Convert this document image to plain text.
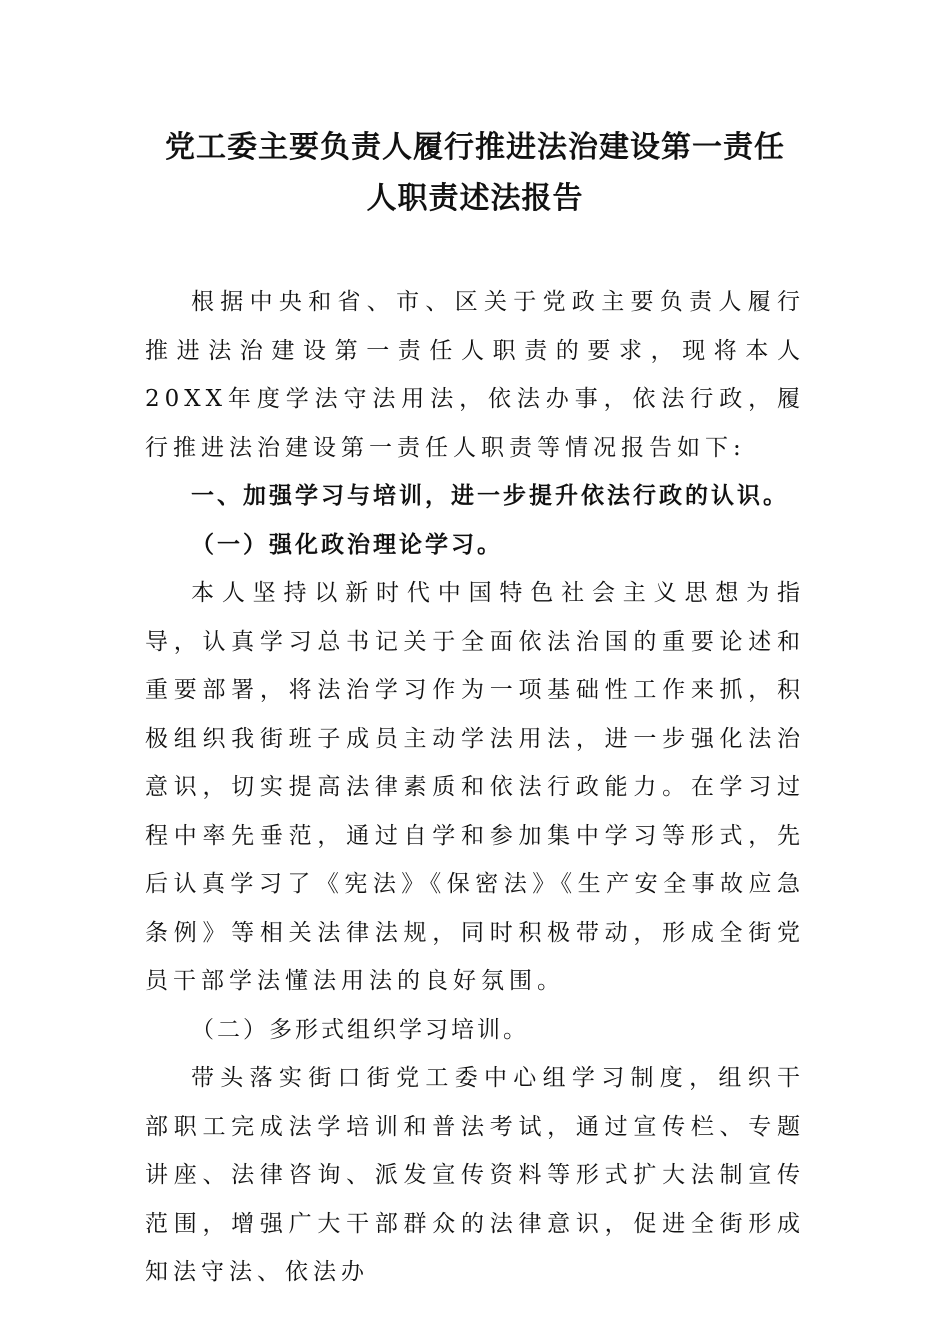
党工委主要负责人履行推进法治建设第一责任
人职责述法报告

根据中央和省、市、区关于党政主要负责人履行推进法治建设第一责任人职责的要求，现将本人20XX年度学法守法用法，依法办事，依法行政，履行推进法治建设第一责任人职责等情况报告如下:

一、加强学习与培训，进一步提升依法行政的认识。

（一）强化政治理论学习。

本人坚持以新时代中国特色社会主义思想为指导，认真学习总书记关于全面依法治国的重要论述和重要部署，将法治学习作为一项基础性工作来抓，积极组织我街班子成员主动学法用法，进一步强化法治意识，切实提高法律素质和依法行政能力。在学习过程中率先垂范，通过自学和参加集中学习等形式，先后认真学习了《宪法》《保密法》《生产安全事故应急条例》等相关法律法规，同时积极带动，形成全街党员干部学法懂法用法的良好氛围。

（二）多形式组织学习培训。

带头落实街口街党工委中心组学习制度，组织干部职工完成法学培训和普法考试，通过宣传栏、专题讲座、法律咨询、派发宣传资料等形式扩大法制宣传范围，增强广大干部群众的法律意识，促进全街形成知法守法、依法办
